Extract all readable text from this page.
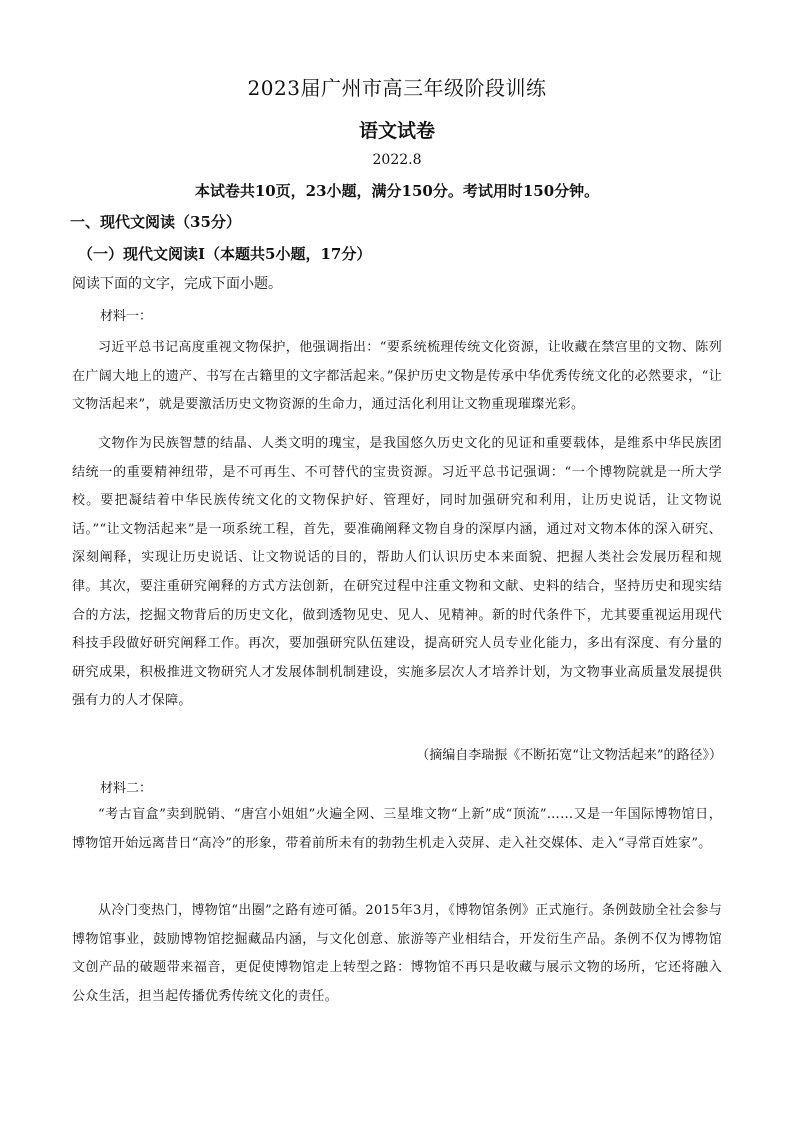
2023届广州市高三年级阶段训练
语文试卷
2022.8
本试卷共10页，23小题，满分150分。考试用时150分钟。
一、现代文阅读（35分）
（一）现代文阅读Ⅰ（本题共5小题，17分）
阅读下面的文字，完成下面小题。
材料一：
习近平总书记高度重视文物保护，他强调指出：“要系统梳理传统文化资源，让收藏在禁宫里的文物、陈列在广阔大地上的遗产、书写在古籍里的文字都活起来。”保护历史文物是传承中华优秀传统文化的必然要求，“让文物活起来”，就是要激活历史文物资源的生命力，通过活化利用让文物重现璀璨光彩。
文物作为民族智慧的结晶、人类文明的瑰宝，是我国悠久历史文化的见证和重要载体，是维系中华民族团结统一的重要精神纽带，是不可再生、不可替代的宝贵资源。习近平总书记强调：“一个博物院就是一所大学校。要把凝结着中华民族传统文化的文物保护好、管理好，同时加强研究和利用，让历史说话，让文物说话。”“让文物活起来”是一项系统工程，首先，要准确阐释文物自身的深厚内涵，通过对文物本体的深入研究、深刻阐释，实现让历史说话、让文物说话的目的，帮助人们认识历史本来面貌、把握人类社会发展历程和规律。其次，要注重研究阐释的方式方法创新，在研究过程中注重文物和文献、史料的结合，坚持历史和现实结合的方法，挖掘文物背后的历史文化，做到透物见史、见人、见精神。新的时代条件下，尤其要重视运用现代科技手段做好研究阐释工作。再次，要加强研究队伍建设，提高研究人员专业化能力，多出有深度、有分量的研究成果，积极推进文物研究人才发展体制机制建设，实施多层次人才培养计划，为文物事业高质量发展提供强有力的人才保障。
（摘编自李瑞振《不断拓宽“让文物活起来”的路径》）
材料二：
“考古盲盒”卖到脱销、“唐宫小姐姐”火遍全网、三星堆文物“上新”成“顶流”……又是一年国际博物馆日，博物馆开始远离昔日“高冷”的形象，带着前所未有的勃勃生机走入荧屏、走入社交媒体、走入“寻常百姓家”。
从冷门变热门，博物馆“出圈”之路有迹可循。2015年3月，《博物馆条例》正式施行。条例鼓励全社会参与博物馆事业，鼓励博物馆挖掘藏品内涵，与文化创意、旅游等产业相结合，开发衍生产品。条例不仅为博物馆文创产品的破题带来福音，更促使博物馆走上转型之路：博物馆不再只是收藏与展示文物的场所，它还将融入公众生活，担当起传播优秀传统文化的责任。
